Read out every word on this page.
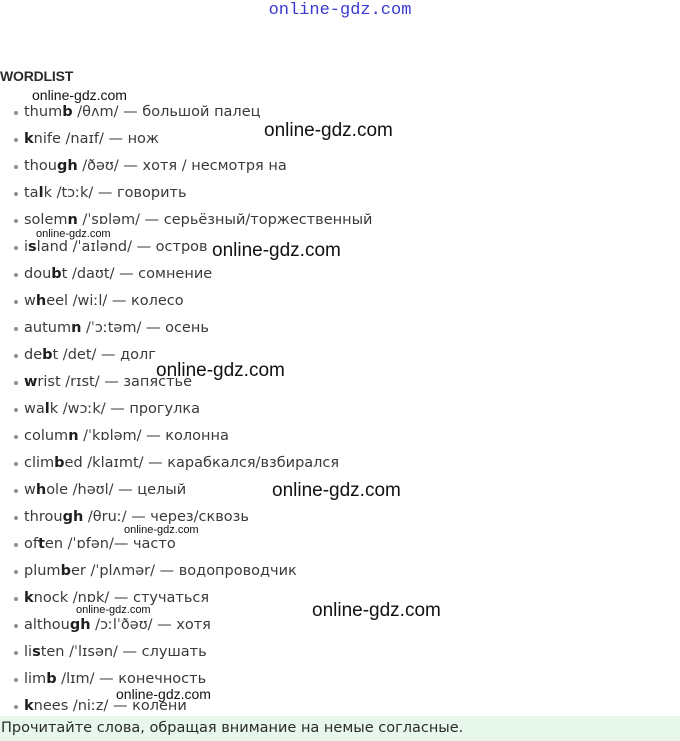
online-gdz.com
WORDLIST
thumb /θʌm/ — большой палец
knife /naɪf/ — нож
though /ðəʊ/ — хотя / несмотря на
talk /tɔːk/ — говорить
solemn /ˈsɒləm/ — серьёзный/торжественный
island /ˈaɪlənd/ — остров
doubt /daʊt/ — сомнение
wheel /wiːl/ — колесо
autumn /ˈɔːtəm/ — осень
debt /det/ — долг
wrist /rɪst/ — запястье
walk /wɔːk/ — прогулка
column /ˈkɒləm/ — колонна
climbed /klaɪmt/ — карабкался/взбирался
whole /həʊl/ — целый
through /θruː/ — через/сквозь
often /ˈɒfən/— часто
plumber /ˈplʌmər/ — водопроводчик
knock /nɒk/ — стучаться
although /ɔːlˈðəʊ/ — хотя
listen /ˈlɪsən/ — слушать
limb /lɪm/ — конечность
knees /niːz/ — колени
Прочитайте слова, обращая внимание на немые согласные.
online-gdz.com
online-gdz.com
online-gdz.com
online-gdz.com
online-gdz.com
online-gdz.com
online-gdz.com
online-gdz.com
online-gdz.com
online-gdz.com
